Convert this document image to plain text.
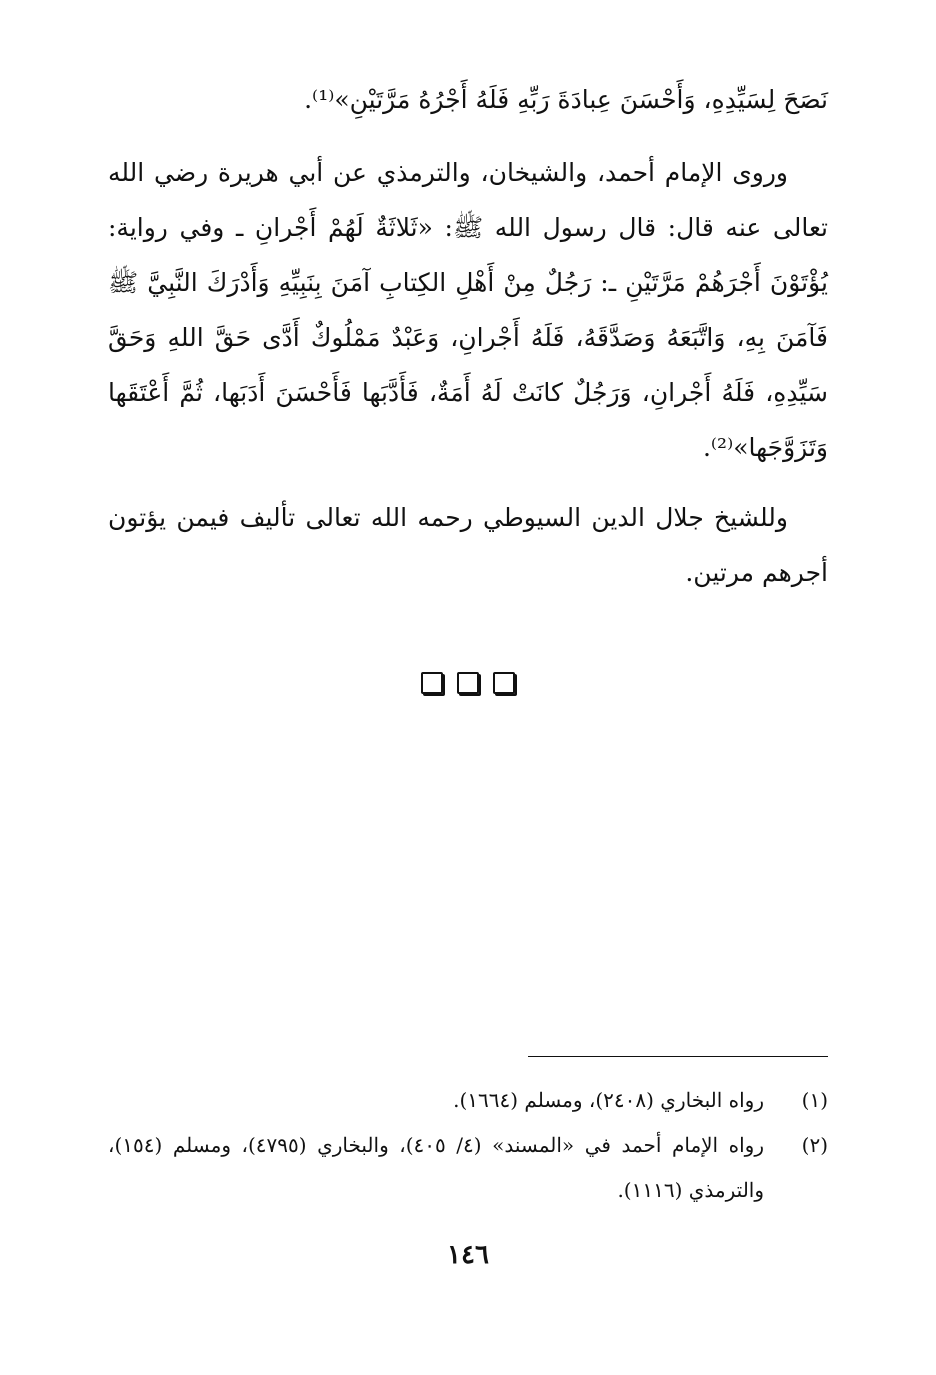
نَصَحَ لِسَيِّدِهِ، وَأَحْسَنَ عِبادَةَ رَبِّهِ فَلَهُ أَجْرُهُ مَرَّتَيْنِ»⁽¹⁾.

وروى الإمام أحمد، والشيخان، والترمذي عن أبي هريرة رضي الله تعالى عنه قال: قال رسول الله ﷺ: «ثَلاثَةٌ لَهُمْ أَجْرانِ ـ وفي رواية: يُؤْتَوْنَ أَجْرَهُمْ مَرَّتَيْنِ ـ: رَجُلٌ مِنْ أَهْلِ الكِتابِ آمَنَ بِنَبِيِّهِ وَأَدْرَكَ النَّبِيَّ ﷺ فَآمَنَ بِهِ، وَاتَّبَعَهُ وَصَدَّقَهُ، فَلَهُ أَجْرانِ، وَعَبْدٌ مَمْلُوكٌ أَدَّى حَقَّ اللهِ وَحَقَّ سَيِّدِهِ، فَلَهُ أَجْرانِ، وَرَجُلٌ كانَتْ لَهُ أَمَةٌ، فَأَدَّبَها فَأَحْسَنَ أَدَبَها، ثُمَّ أَعْتَقَها وَتَزَوَّجَها»⁽²⁾.

وللشيخ جلال الدين السيوطي رحمه الله تعالى تأليف فيمن يؤتون أجرهم مرتين.

(١)
رواه البخاري (٢٤٠٨)، ومسلم (١٦٦٤).

(٢)
رواه الإمام أحمد في «المسند» (٤/ ٤٠٥)، والبخاري (٤٧٩٥)، ومسلم (١٥٤)، والترمذي (١١١٦).

١٤٦
